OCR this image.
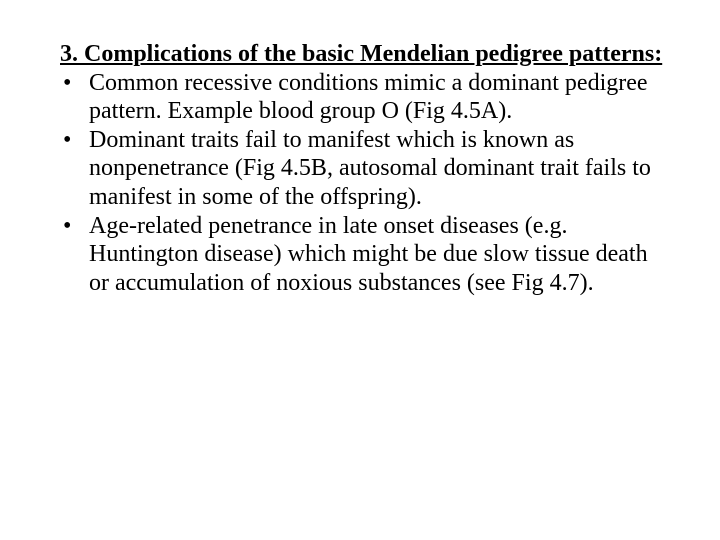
3. Complications of the basic Mendelian pedigree patterns:

• Common recessive conditions mimic a dominant pedigree pattern. Example blood group O (Fig 4.5A).
• Dominant traits fail to manifest which is known as nonpenetrance (Fig 4.5B, autosomal dominant trait fails to manifest in some of the offspring).
• Age-related penetrance in late onset diseases (e.g. Huntington disease) which might be due slow tissue death or accumulation of noxious substances (see Fig 4.7).
